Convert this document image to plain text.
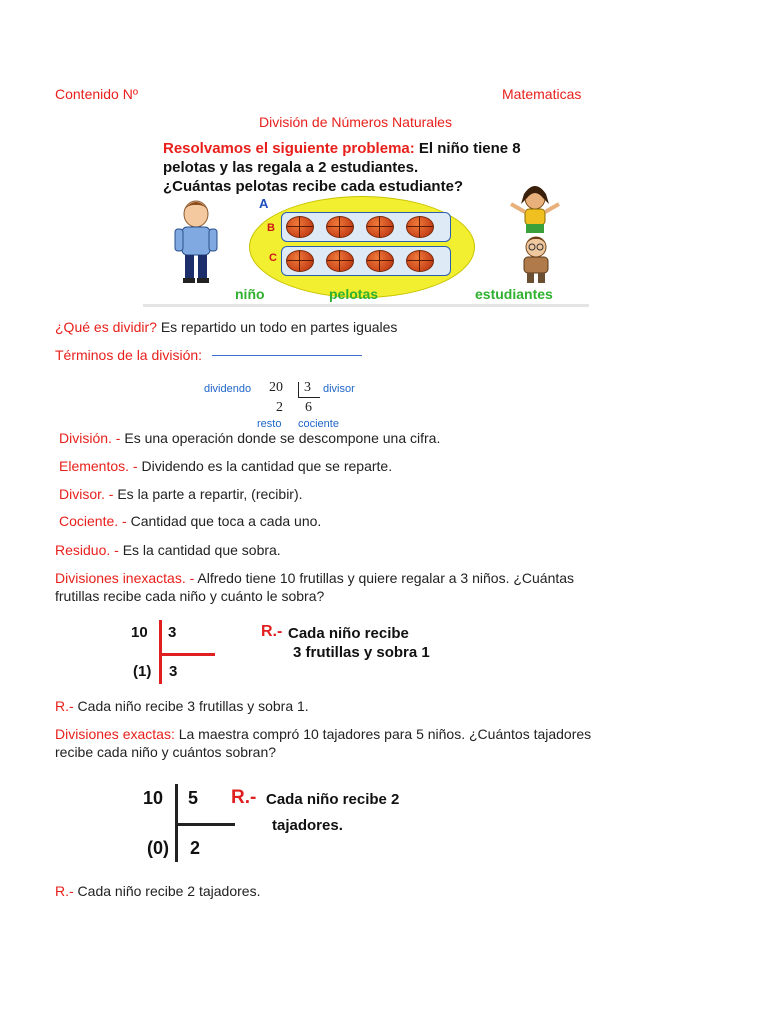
Contenido Nº	Matematicas
División de Números Naturales
Resolvamos el siguiente problema: El niño tiene 8
pelotas y las regala a 2 estudiantes.
¿Cuántas pelotas recibe cada estudiante?
A
B
C
niño	pelotas	estudiantes
¿Qué es dividir? Es repartido un todo en partes iguales
Términos de la división:
dividendo 20 3 divisor
2 6
resto cociente
División. - Es una operación donde se descompone una cifra.
Elementos. - Dividendo es la cantidad que se reparte.
Divisor. - Es la parte a repartir, (recibir).
Cociente. - Cantidad que toca a cada uno.
Residuo. - Es la cantidad que sobra.
Divisiones inexactas. - Alfredo tiene 10 frutillas y quiere regalar a 3 niños. ¿Cuántas
frutillas recibe cada niño y cuánto le sobra?
10 3
(1) 3
R.- Cada niño recibe
3 frutillas y sobra 1
R.- Cada niño recibe 3 frutillas y sobra 1.
Divisiones exactas: La maestra compró 10 tajadores para 5 niños. ¿Cuántos tajadores
recibe cada niño y cuántos sobran?
10 5
(0) 2
R.- Cada niño recibe 2
tajadores.
R.- Cada niño recibe 2 tajadores.
